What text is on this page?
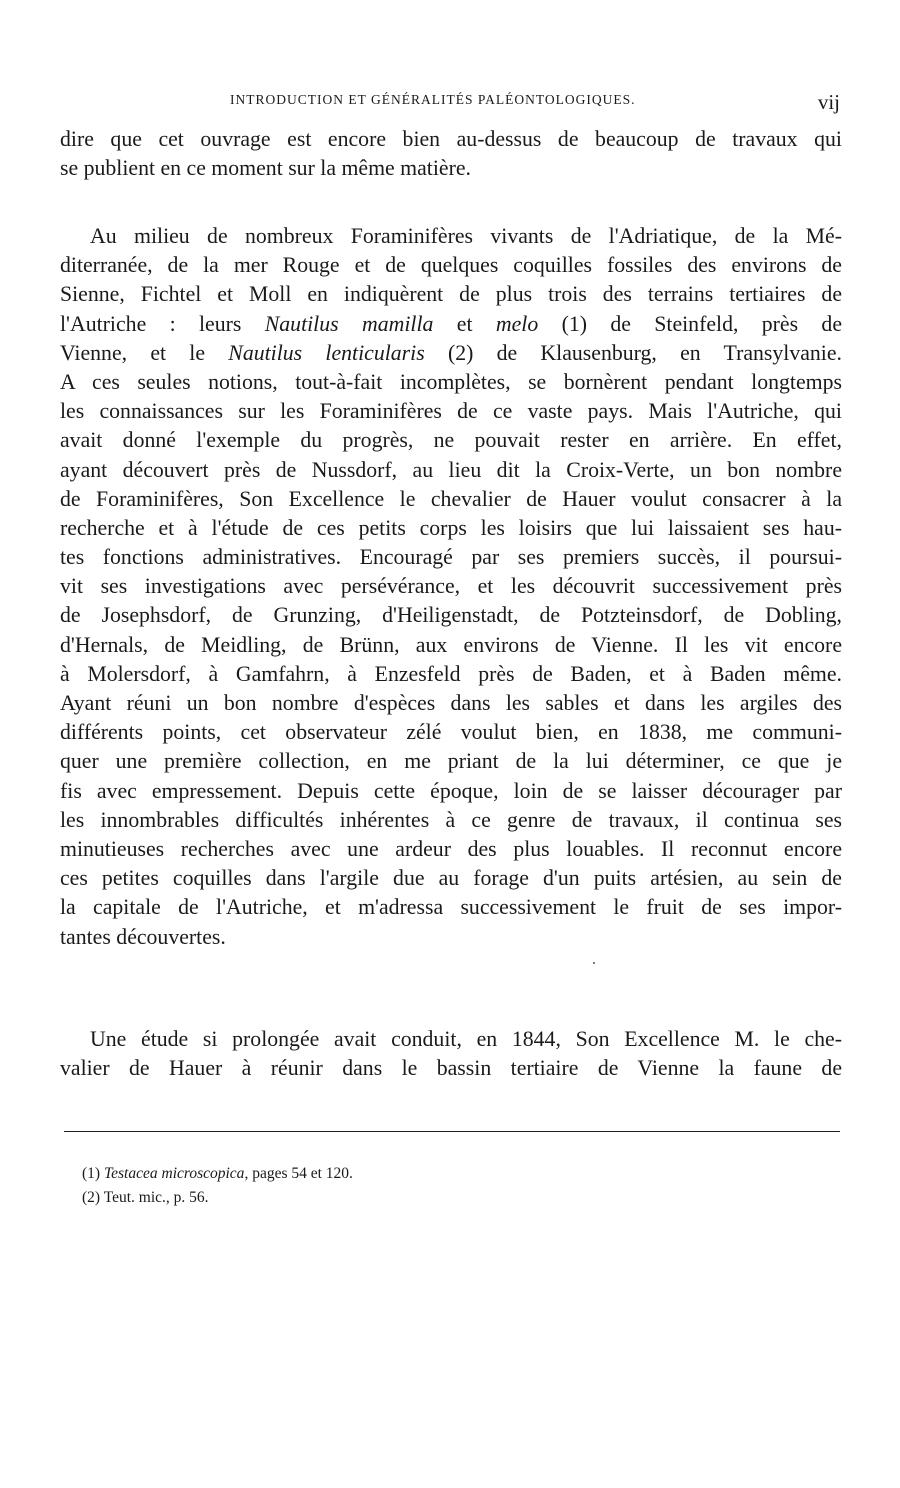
INTRODUCTION ET GÉNÉRALITÉS PALÉONTOLOGIQUES.	vij
dire que cet ouvrage est encore bien au-dessus de beaucoup de travaux qui
se publient en ce moment sur la même matière.
Au milieu de nombreux Foraminifères vivants de l'Adriatique, de la Mé-
diterranée, de la mer Rouge et de quelques coquilles fossiles des environs de
Sienne, Fichtel et Moll en indiquèrent de plus trois des terrains tertiaires de
l'Autriche : leurs Nautilus mamilla et melo (1) de Steinfeld, près de
Vienne, et le Nautilus lenticularis (2) de Klausenburg, en Transylvanie.
A ces seules notions, tout-à-fait incomplètes, se bornèrent pendant longtemps
les connaissances sur les Foraminifères de ce vaste pays. Mais l'Autriche, qui
avait donné l'exemple du progrès, ne pouvait rester en arrière. En effet,
ayant découvert près de Nussdorf, au lieu dit la Croix-Verte, un bon nombre
de Foraminifères, Son Excellence le chevalier de Hauer voulut consacrer à la
recherche et à l'étude de ces petits corps les loisirs que lui laissaient ses hau-
tes fonctions administratives. Encouragé par ses premiers succès, il poursui-
vit ses investigations avec persévérance, et les découvrit successivement près
de Josephsdorf, de Grunzing, d'Heiligenstadt, de Potzteinsdorf, de Dobling,
d'Hernals, de Meidling, de Brünn, aux environs de Vienne. Il les vit encore
à Molersdorf, à Gamfahrn, à Enzesfeld près de Baden, et à Baden même.
Ayant réuni un bon nombre d'espèces dans les sables et dans les argiles des
différents points, cet observateur zélé voulut bien, en 1838, me communi-
quer une première collection, en me priant de la lui déterminer, ce que je
fis avec empressement. Depuis cette époque, loin de se laisser décourager par
les innombrables difficultés inhérentes à ce genre de travaux, il continua ses
minutieuses recherches avec une ardeur des plus louables. Il reconnut encore
ces petites coquilles dans l'argile due au forage d'un puits artésien, au sein de
la capitale de l'Autriche, et m'adressa successivement le fruit de ses impor-
tantes découvertes.
Une étude si prolongée avait conduit, en 1844, Son Excellence M. le che-
valier de Hauer à réunir dans le bassin tertiaire de Vienne la faune de
(1) Testacea microscopica, pages 54 et 120.
(2) Teut. mic., p. 56.
